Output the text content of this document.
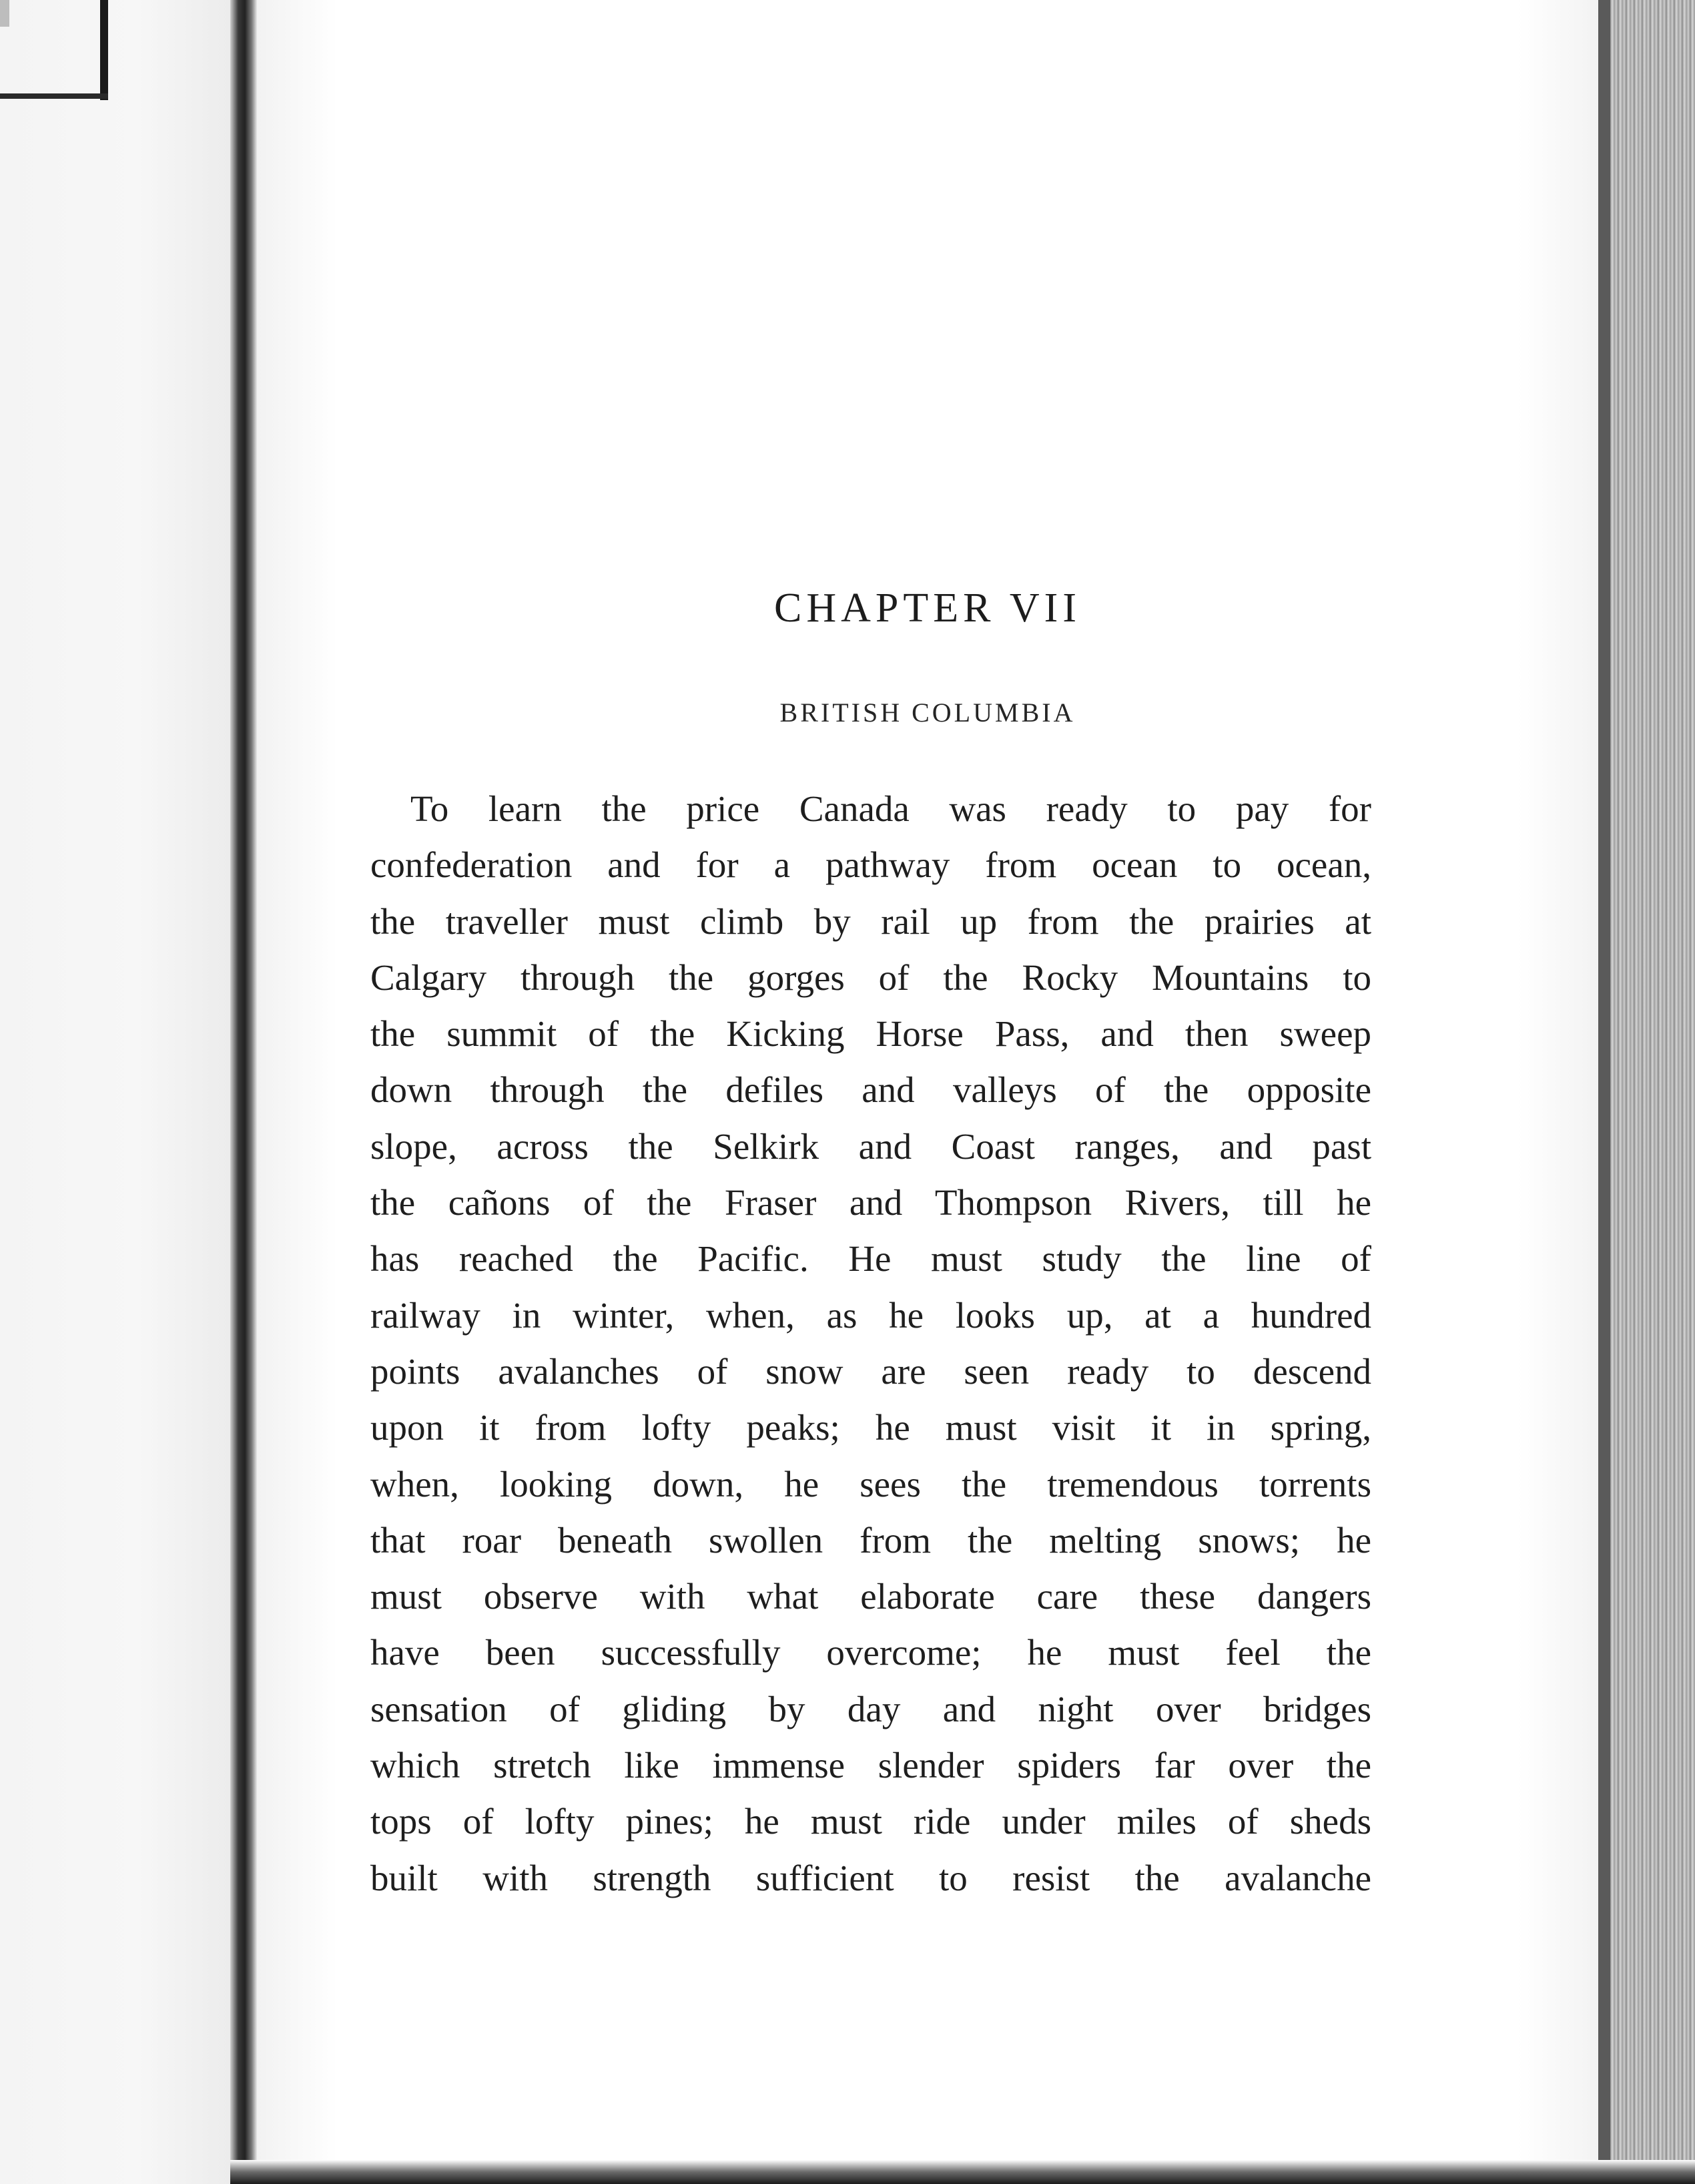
CHAPTER VII
BRITISH COLUMBIA
To learn the price Canada was ready to pay for
confederation and for a pathway from ocean to ocean,
the traveller must climb by rail up from the prairies at
Calgary through the gorges of the Rocky Mountains to
the summit of the Kicking Horse Pass, and then sweep
down through the defiles and valleys of the opposite
slope, across the Selkirk and Coast ranges, and past
the cañons of the Fraser and Thompson Rivers, till he
has reached the Pacific. He must study the line of
railway in winter, when, as he looks up, at a hundred
points avalanches of snow are seen ready to descend
upon it from lofty peaks; he must visit it in spring,
when, looking down, he sees the tremendous torrents
that roar beneath swollen from the melting snows; he
must observe with what elaborate care these dangers
have been successfully overcome; he must feel the
sensation of gliding by day and night over bridges
which stretch like immense slender spiders far over the
tops of lofty pines; he must ride under miles of sheds
built with strength sufficient to resist the avalanche
